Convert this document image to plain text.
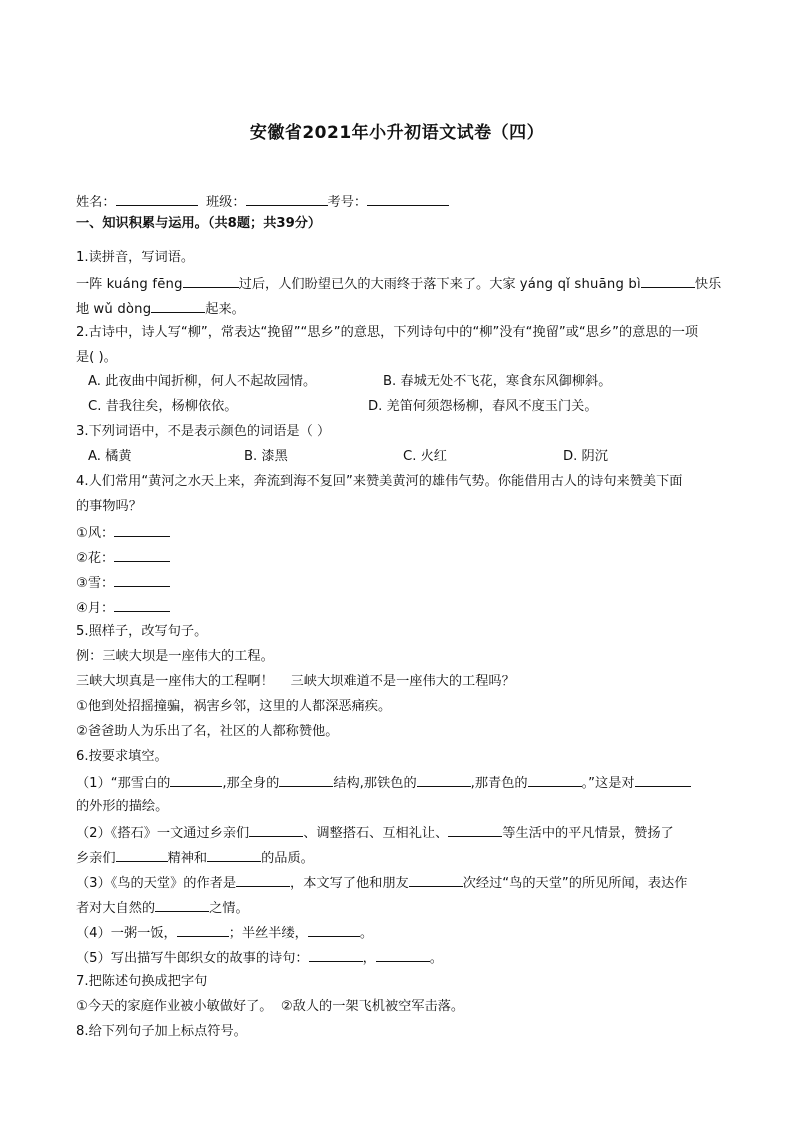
安徽省2021年小升初语文试卷（四）
姓名：	班级：	考号：
一、知识积累与运用。（共8题；共39分）
1.读拼音，写词语。
一阵 kuáng fēng	过后，人们盼望已久的大雨终于落下来了。大家 yáng qǐ shuāng bì	快乐
地 wǔ dòng	起来。
2.古诗中，诗人写“柳”，常表达“挽留”“思乡”的意思，下列诗句中的“柳”没有“挽留”或“思乡”的意思的一项
是( )。
A. 此夜曲中闻折柳，何人不起故园情。	B. 春城无处不飞花，寒食东风御柳斜。
C. 昔我往矣，杨柳依依。	D. 羌笛何须怨杨柳，春风不度玉门关。
3.下列词语中，不是表示颜色的词语是（ ）
A. 橘黄	B. 漆黑	C. 火红	D. 阴沉
4.人们常用“黄河之水天上来，奔流到海不复回”来赞美黄河的雄伟气势。你能借用古人的诗句来赞美下面
的事物吗？
①风：
②花：
③雪：
④月：
5.照样子，改写句子。
例：三峡大坝是一座伟大的工程。
三峡大坝真是一座伟大的工程啊！    三峡大坝难道不是一座伟大的工程吗？
①他到处招摇撞骗，祸害乡邻，这里的人都深恶痛疾。
②爸爸助人为乐出了名，社区的人都称赞他。
6.按要求填空。
（1）“那雪白的	,那全身的	结构,那铁色的	,那青色的	。”这是对
的外形的描绘。
（2）《搭石》一文通过乡亲们	、调整搭石、互相礼让、	等生活中的平凡情景，赞扬了
乡亲们	精神和	的品质。
（3）《鸟的天堂》的作者是	，本文写了他和朋友	次经过“鸟的天堂”的所见所闻，表达作
者对大自然的	之情。
（4）一粥一饭，	；半丝半缕，	。
（5）写出描写牛郎织女的故事的诗句：	，	。
7.把陈述句换成把字句
①今天的家庭作业被小敏做好了。 ②敌人的一架飞机被空军击落。
8.给下列句子加上标点符号。
